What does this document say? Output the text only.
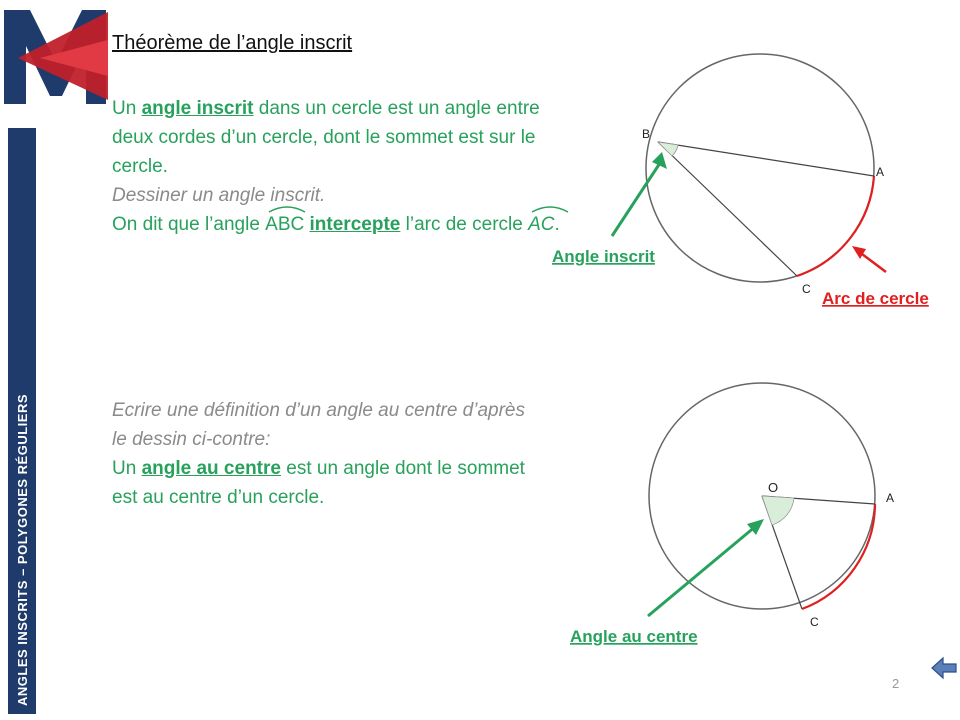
ANGLES INSCRITS – POLYGONES RÉGULIERS
Théorème de l’angle inscrit
Un angle inscrit dans un cercle est un angle entre deux cordes d’un cercle, dont le sommet est sur le cercle.
Dessiner un angle inscrit.
On dit que l’angle
ABC intercepte l’arc de cercle
AC.
Ecrire une définition d’un angle au centre d’après le dessin ci-contre:
Un angle au centre est un angle dont le sommet est au centre d’un cercle.
B
A
C
Angle inscrit
Arc de cercle
O
A
C
Angle au centre
2
